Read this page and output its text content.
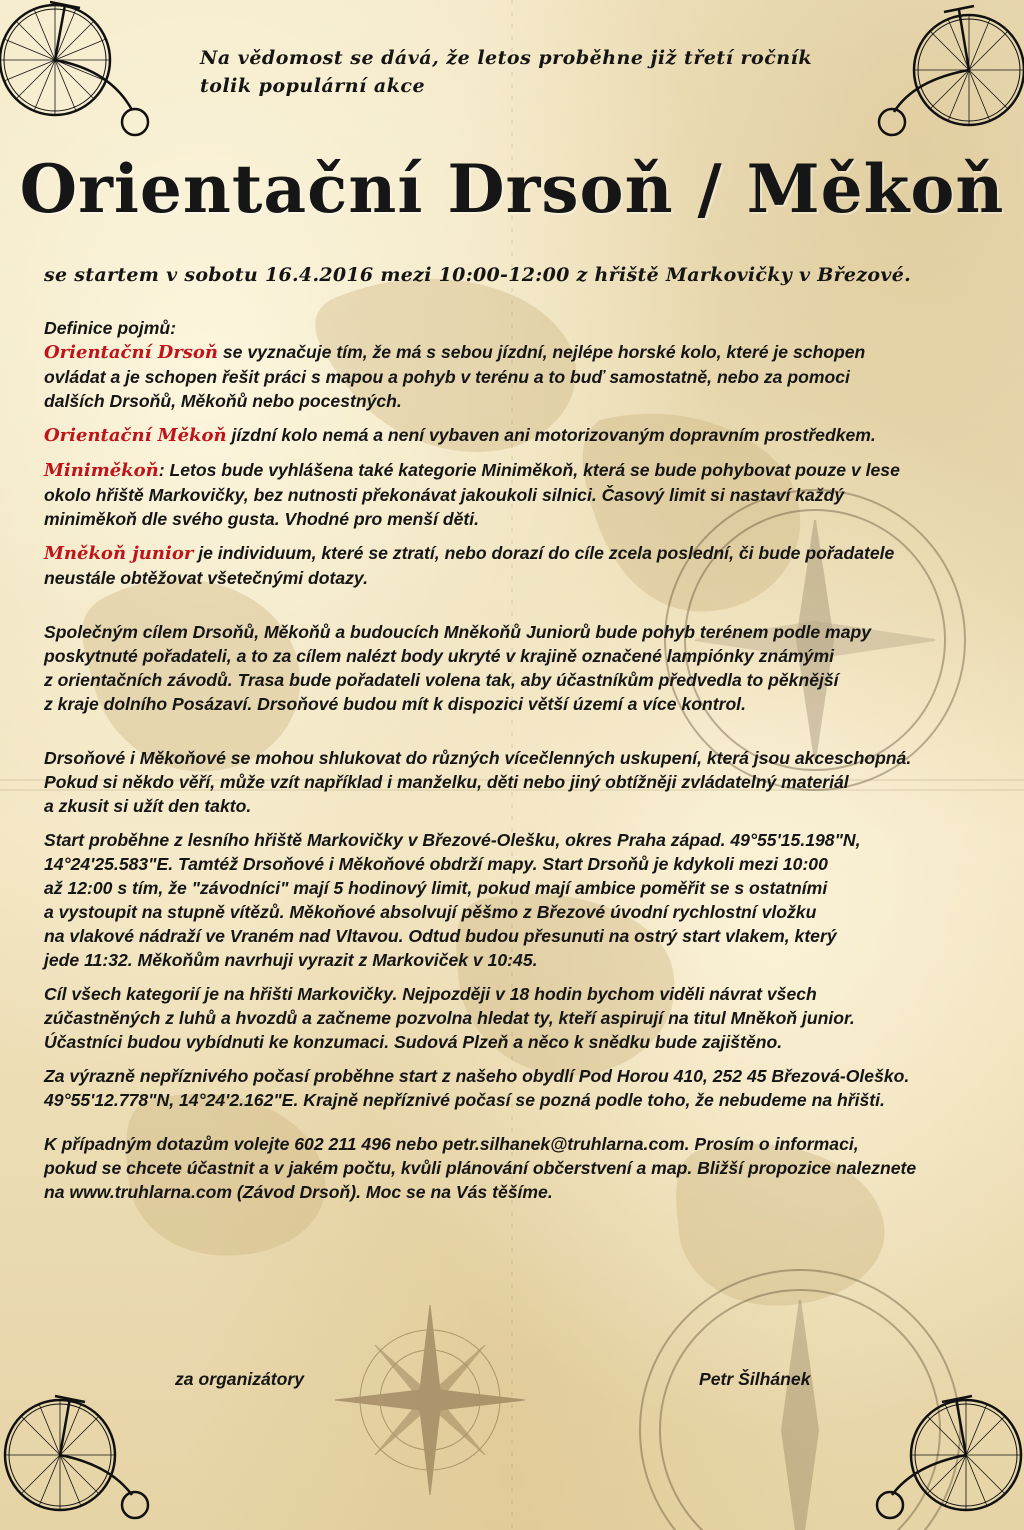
Na vědomost se dává, že letos proběhne již třetí ročník
tolik populární akce
Orientační Drsoň / Měkoň

se startem v sobotu 16.4.2016 mezi 10:00-12:00 z hřiště Markovičky v Březové.

Definice pojmů:
Orientační Drsoň se vyznačuje tím, že má s sebou jízdní, nejlépe horské kolo, které je schopen
ovládat a je schopen řešit práci s mapou a pohyb v terénu a to buď samostatně, nebo za pomoci
dalších Drsoňů, Měkoňů nebo pocestných.

Orientační Měkoň jízdní kolo nemá a není vybaven ani motorizovaným dopravním prostředkem.

Miniměkoň: Letos bude vyhlášena také kategorie Miniměkoň, která se bude pohybovat pouze v lese
okolo hřiště Markovičky, bez nutnosti překonávat jakoukoli silnici. Časový limit si nastaví každý
miniměkoň dle svého gusta. Vhodné pro menší děti.

Mněkoň junior je individuum, které se ztratí, nebo dorazí do cíle zcela poslední, či bude pořadatele
neustále obtěžovat všetečnými dotazy.

Společným cílem Drsoňů, Měkoňů a budoucích Mněkoňů Juniorů bude pohyb terénem podle mapy
poskytnuté pořadateli, a to za cílem nalézt body ukryté v krajině označené lampiónky známými
z orientačních závodů. Trasa bude pořadateli volena tak, aby účastníkům předvedla to pěknější
z kraje dolního Posázaví. Drsoňové budou mít k dispozici větší území a více kontrol.

Drsoňové i Měkoňové se mohou shlukovat do různých vícečlenných uskupení, která jsou akceschopná.
Pokud si někdo věří, může vzít například i manželku, děti nebo jiný obtížněji zvládatelný materiál
a zkusit si užít den takto.

Start proběhne z lesního hřiště Markovičky v Březové-Olešku, okres Praha západ. 49°55'15.198"N,
14°24'25.583"E. Tamtéž Drsoňové i Měkoňové obdrží mapy. Start Drsoňů je kdykoli mezi 10:00
až 12:00 s tím, že "závodníci" mají 5 hodinový limit, pokud mají ambice poměřit se s ostatními
a vystoupit na stupně vítězů. Měkoňové absolvují pěšmo z Březové úvodní rychlostní vložku
na vlakové nádraží ve Vraném nad Vltavou. Odtud budou přesunuti na ostrý start vlakem, který
jede 11:32. Měkoňům navrhuji vyrazit z Markoviček v 10:45.

Cíl všech kategorií je na hřišti Markovičky. Nejpozději v 18 hodin bychom viděli návrat všech
zúčastněných z luhů a hvozdů a začneme pozvolna hledat ty, kteří aspirují na titul Mněkoň junior.
Účastníci budou vybídnuti ke konzumaci. Sudová Plzeň a něco k snědku bude zajištěno.

Za výrazně nepříznivého počasí proběhne start z našeho obydlí Pod Horou 410, 252 45 Březová-Oleško.
49°55'12.778"N, 14°24'2.162"E. Krajně nepříznivé počasí se pozná podle toho, že nebudeme na hřišti.

K případným dotazům volejte 602 211 496 nebo petr.silhanek@truhlarna.com. Prosím o informaci,
pokud se chcete účastnit a v jakém počtu, kvůli plánování občerstvení a map. Bližší propozice naleznete
na www.truhlarna.com (Závod Drsoň). Moc se na Vás těšíme.

za organizátory	Petr Šilhánek
